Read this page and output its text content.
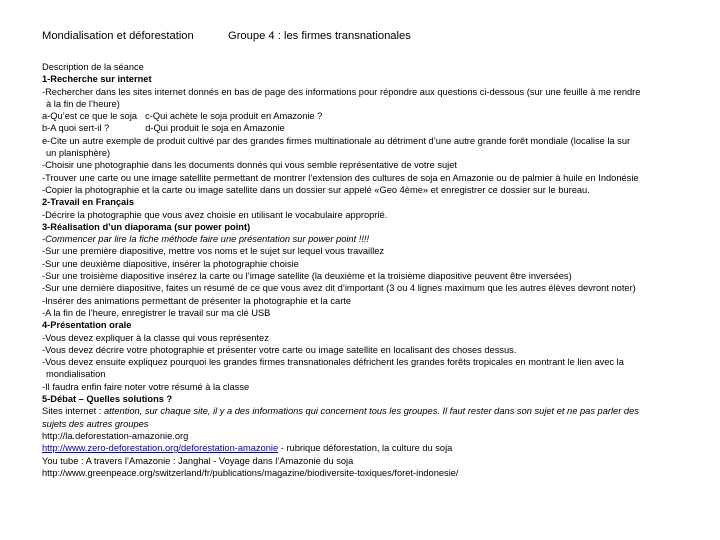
Mondialisation et déforestation	Groupe 4 : les firmes transnationales
Description de la séance
1-Recherche sur internet
-Rechercher dans les sites internet donnés en bas de page des informations pour répondre aux questions ci-dessous (sur une feuille à me rendre
à la fin de l’heure)
a-Qu’est ce que le soja c-Qui achète le soja produit en Amazonie ?
b-A quoi sert-il ?	d-Qui produit le soja en Amazonie
e-Cite un autre exemple de produit cultivé par des grandes firmes multinationale au détriment d’une autre grande forêt mondiale (localise la sur
un planisphère)
-Choisir une photographie dans les documents donnés qui vous semble représentative de votre sujet
-Trouver une carte ou une image satellite permettant de montrer l’extension des cultures de soja en Amazonie ou de palmier à huile en Indonésie
-Copier la photographie et la carte ou image satellite dans un dossier sur appelé «Geo 4ème» et enregistrer ce dossier sur le bureau.
2-Travail en Français
-Décrire la photographie que vous avez choisie en utilisant le vocabulaire approprié.
3-Réalisation d’un diaporama (sur power point)
-Commencer par lire la fiche méthode faire une présentation sur power point !!!!
-Sur une première diapositive, mettre vos noms et le sujet sur lequel vous travaillez
-Sur une deuxième diapositive, insérer la photographie choisie
-Sur une troisième diapositive insérez la carte ou l’image satellite (la deuxième et la troisième diapositive peuvent être inversées)
-Sur une dernière diapositive, faites un résumé de ce que vous avez dit d’important (3 ou 4 lignes maximum que les autres élèves devront noter)
-Insérer des animations permettant de présenter la photographie et la carte
-A la fin de l’heure, enregistrer le travail sur ma clé USB
4-Présentation orale
-Vous devez expliquer à la classe qui vous représentez
-Vous devez décrire votre photographie et présenter votre carte ou image satellite en localisant des choses dessus.
-Vous devez ensuite expliquez pourquoi les grandes firmes transnationales défrichent les grandes forêts tropicales en montrant le lien avec la
mondialisation
-Il faudra enfin faire noter votre résumé à la classe
5-Débat – Quelles solutions ?
Sites internet : attention, sur chaque site, il y a des informations qui concernent tous les groupes. Il faut rester dans son sujet et ne pas parler des
sujets des autres groupes
http://la.deforestation-amazonie.org
http://www.zero-deforestation.org/deforestation-amazonie - rubrique déforestation, la culture du soja
You tube : A travers l’Amazonie : Janghal - Voyage dans l’Amazonie du soja
http://www.greenpeace.org/switzerland/fr/publications/magazine/biodiversite-toxiques/foret-indonesie/
